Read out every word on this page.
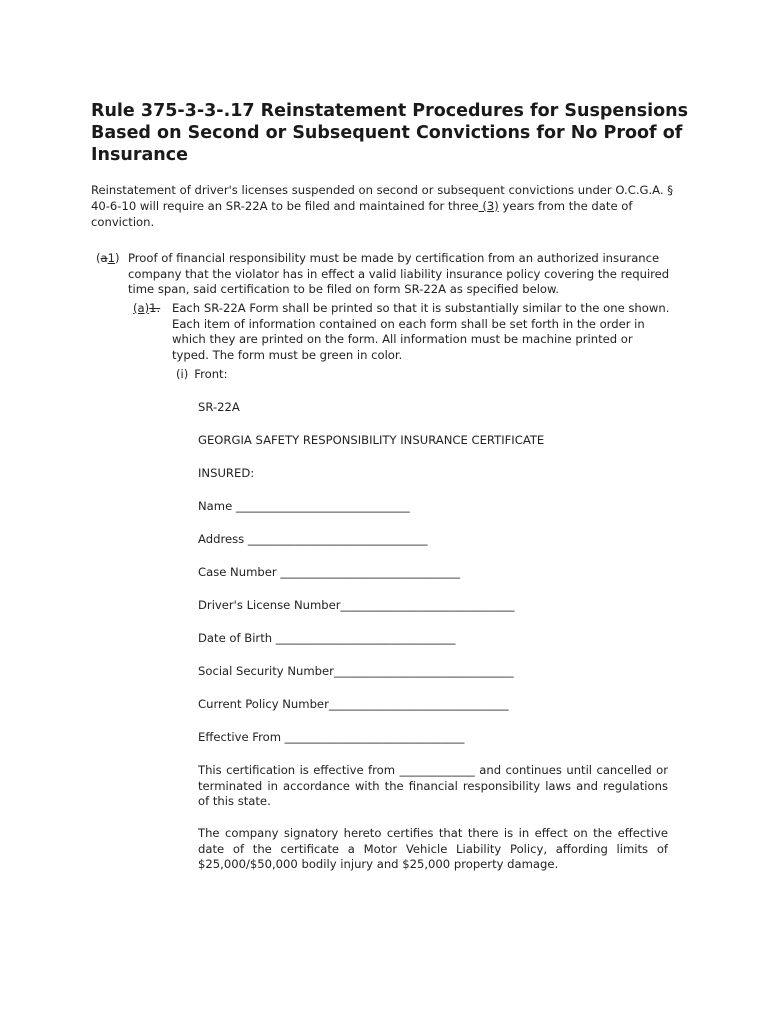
Rule 375-3-3-.17 Reinstatement Procedures for Suspensions Based on Second or Subsequent Convictions for No Proof of Insurance

Reinstatement of driver's licenses suspended on second or subsequent convictions under O.C.G.A. § 40-6-10 will require an SR-22A to be filed and maintained for three (3) years from the date of conviction.

(a1) Proof of financial responsibility must be made by certification from an authorized insurance company that the violator has in effect a valid liability insurance policy covering the required time span, said certification to be filed on form SR-22A as specified below.
(a)1. Each SR-22A Form shall be printed so that it is substantially similar to the one shown. Each item of information contained on each form shall be set forth in the order in which they are printed on the form. All information must be machine printed or typed. The form must be green in color.
(i) Front:

SR-22A

GEORGIA SAFETY RESPONSIBILITY INSURANCE CERTIFICATE

INSURED:

Name ______________________________

Address _______________________________

Case Number _______________________________

Driver's License Number______________________________

Date of Birth _______________________________

Social Security Number_______________________________

Current Policy Number_______________________________

Effective From _______________________________

This certification is effective from _____________ and continues until cancelled or terminated in accordance with the financial responsibility laws and regulations of this state.

The company signatory hereto certifies that there is in effect on the effective date of the certificate a Motor Vehicle Liability Policy, affording limits of $25,000/$50,000 bodily injury and $25,000 property damage.
